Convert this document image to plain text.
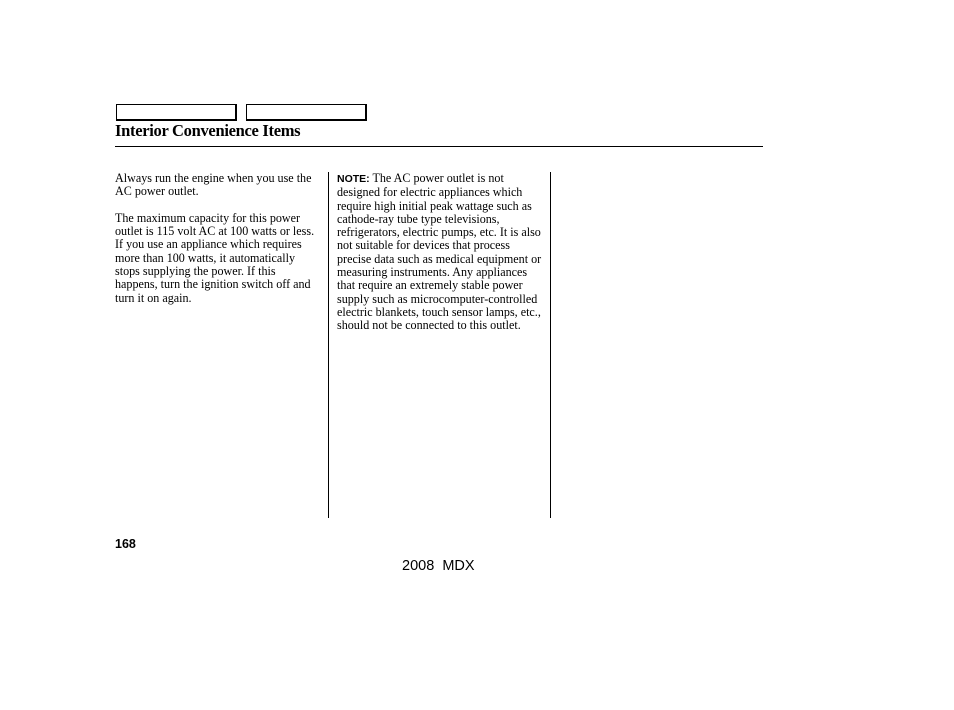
Interior Convenience Items

Always run the engine when you use the AC power outlet.

The maximum capacity for this power outlet is 115 volt AC at 100 watts or less. If you use an appliance which requires more than 100 watts, it automatically stops supplying the power. If this happens, turn the ignition switch off and turn it on again.

NOTE: The AC power outlet is not designed for electric appliances which require high initial peak wattage such as cathode-ray tube type televisions, refrigerators, electric pumps, etc. It is also not suitable for devices that process precise data such as medical equipment or measuring instruments. Any appliances that require an extremely stable power supply such as microcomputer-controlled electric blankets, touch sensor lamps, etc., should not be connected to this outlet.

168
2008  MDX
